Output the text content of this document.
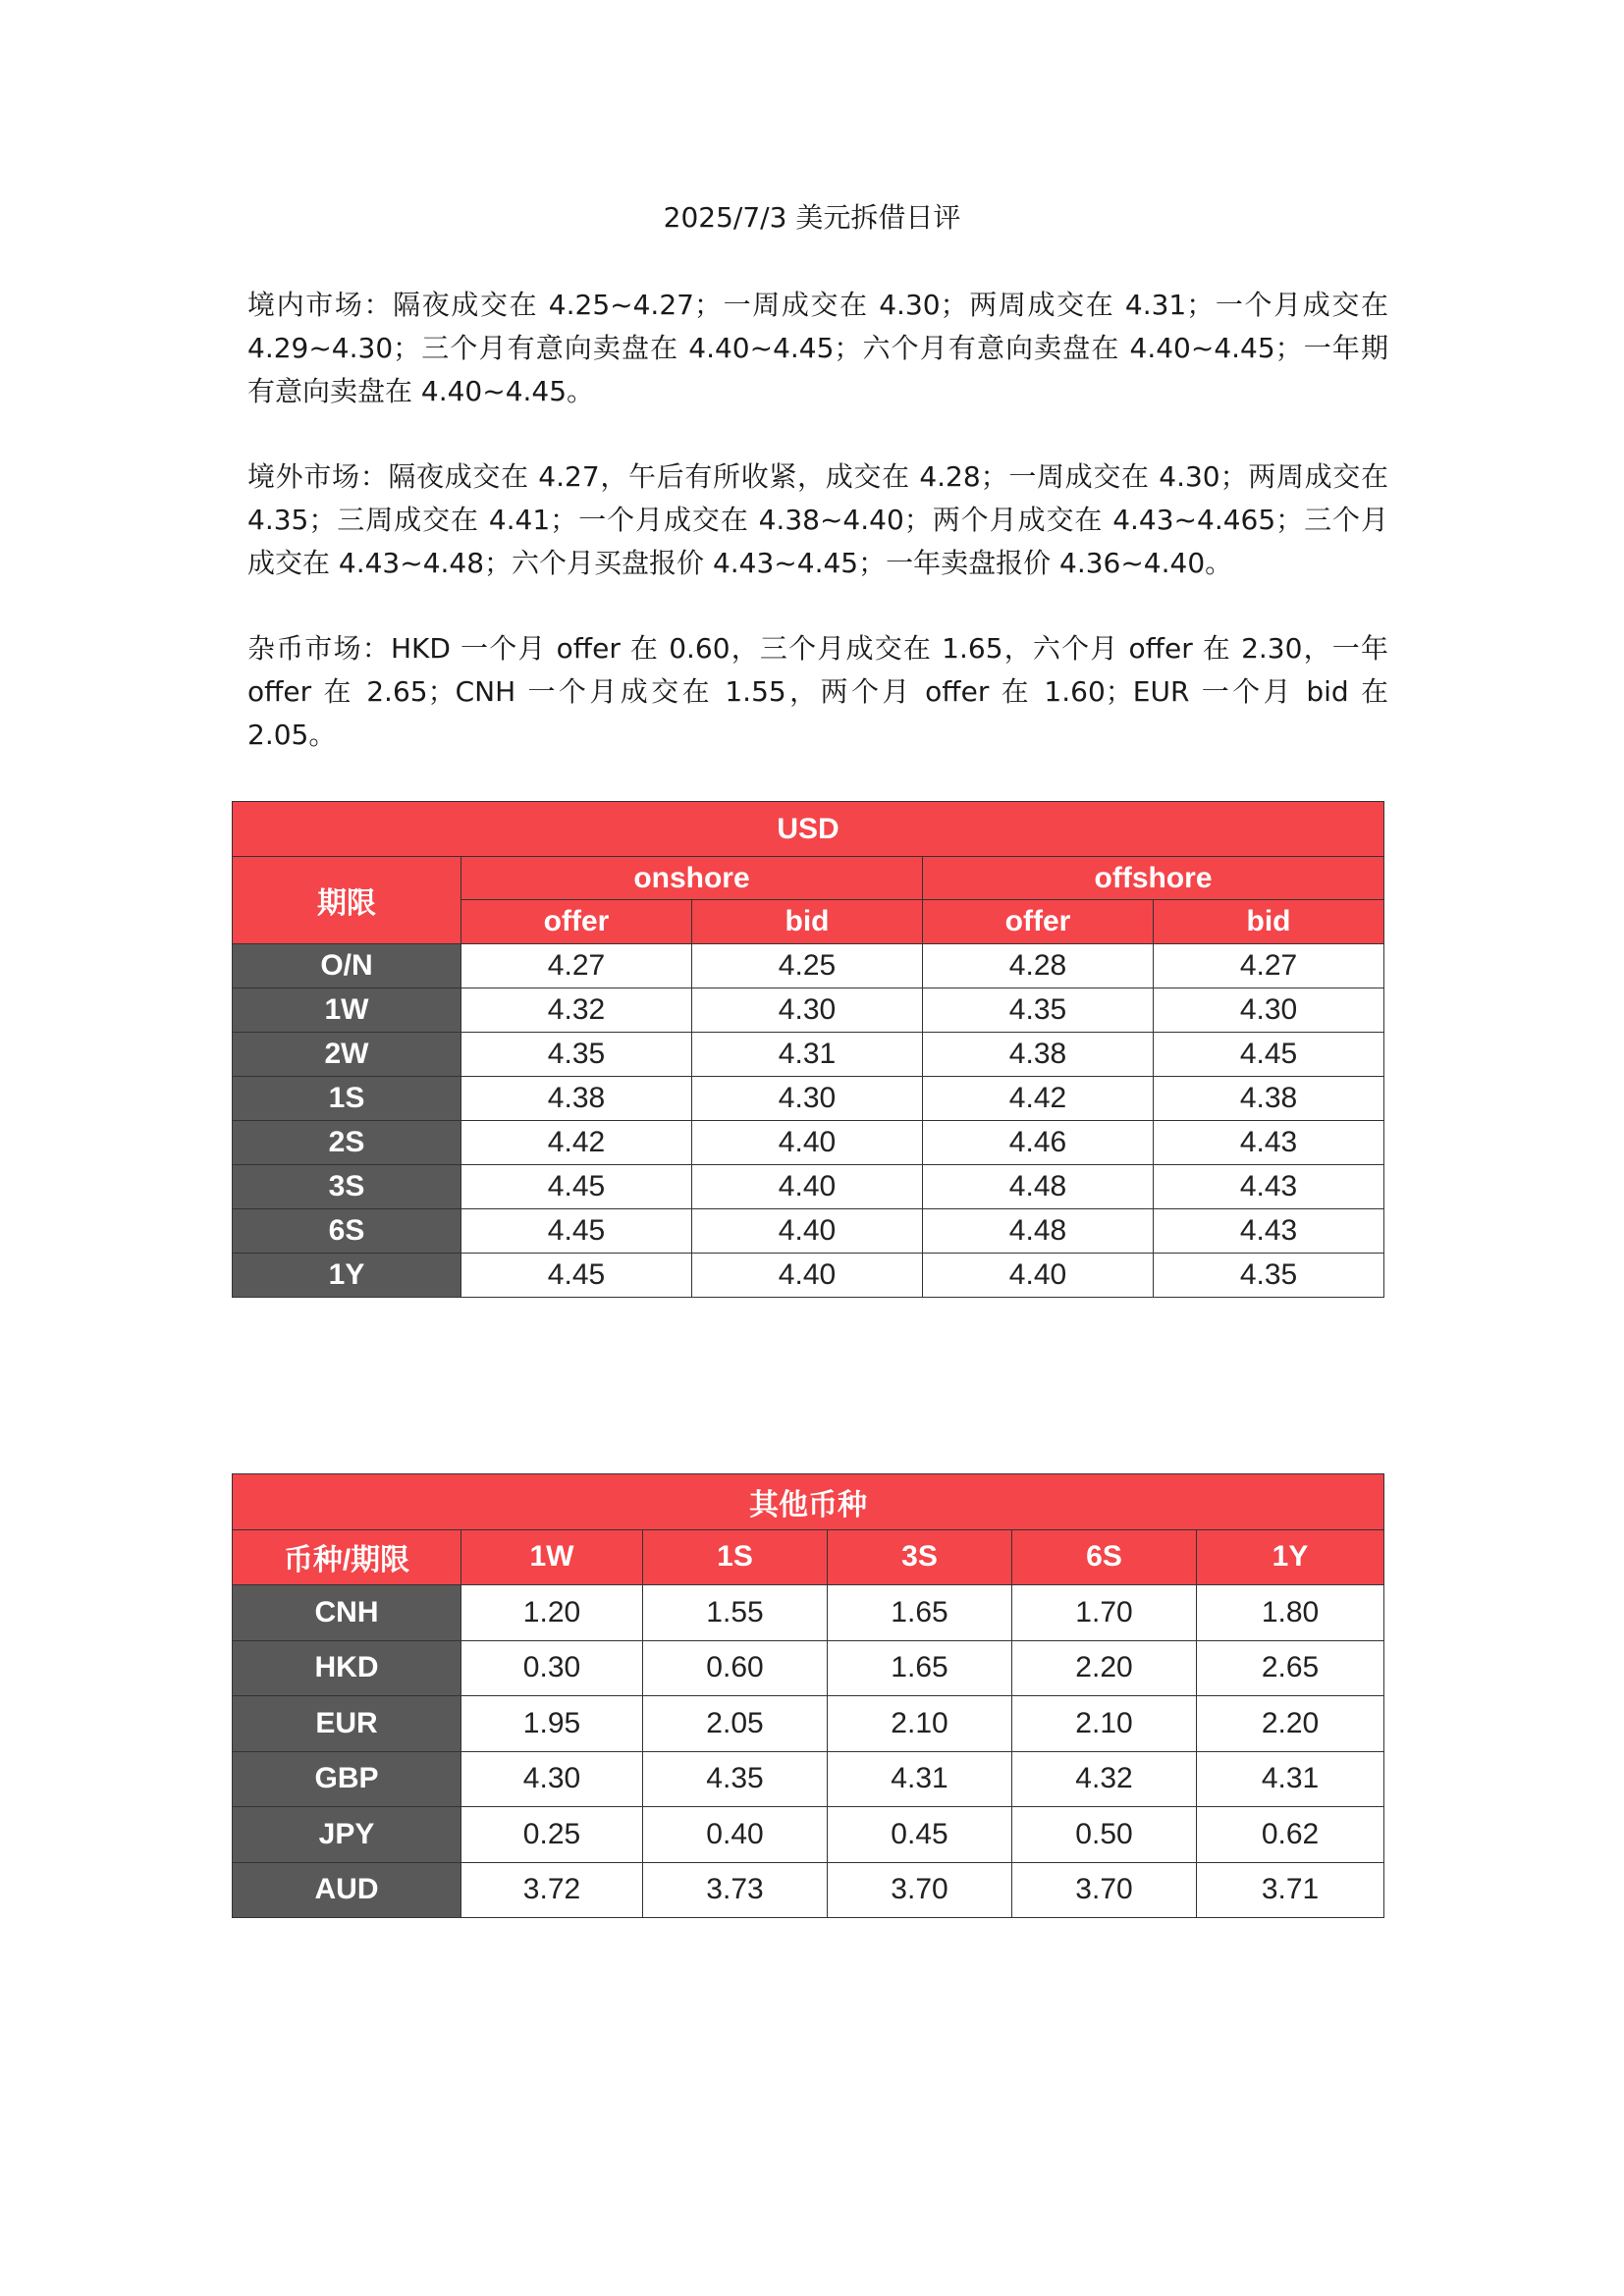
2025/7/3 美元拆借日评
境内市场：隔夜成交在 4.25~4.27；一周成交在 4.30；两周成交在 4.31；一个月成交在 4.29~4.30；三个月有意向卖盘在 4.40~4.45；六个月有意向卖盘在 4.40~4.45；一年期有意向卖盘在 4.40~4.45。
境外市场：隔夜成交在 4.27，午后有所收紧，成交在 4.28；一周成交在 4.30；两周成交在 4.35；三周成交在 4.41；一个月成交在 4.38~4.40；两个月成交在 4.43~4.465；三个月成交在 4.43~4.48；六个月买盘报价 4.43~4.45；一年卖盘报价 4.36~4.40。
杂币市场：HKD 一个月 offer 在 0.60，三个月成交在 1.65，六个月 offer 在 2.30，一年 offer 在 2.65；CNH 一个月成交在 1.55，两个月 offer 在 1.60；EUR 一个月 bid 在 2.05。
USD				
期限	onshore		offshore	
	offer	bid	offer	bid
O/N	4.27	4.25	4.28	4.27
1W	4.32	4.30	4.35	4.30
2W	4.35	4.31	4.38	4.45
1S	4.38	4.30	4.42	4.38
2S	4.42	4.40	4.46	4.43
3S	4.45	4.40	4.48	4.43
6S	4.45	4.40	4.48	4.43
1Y	4.45	4.40	4.40	4.35
其他币种					
币种/期限	1W	1S	3S	6S	1Y
CNH	1.20	1.55	1.65	1.70	1.80
HKD	0.30	0.60	1.65	2.20	2.65
EUR	1.95	2.05	2.10	2.10	2.20
GBP	4.30	4.35	4.31	4.32	4.31
JPY	0.25	0.40	0.45	0.50	0.62
AUD	3.72	3.73	3.70	3.70	3.71
